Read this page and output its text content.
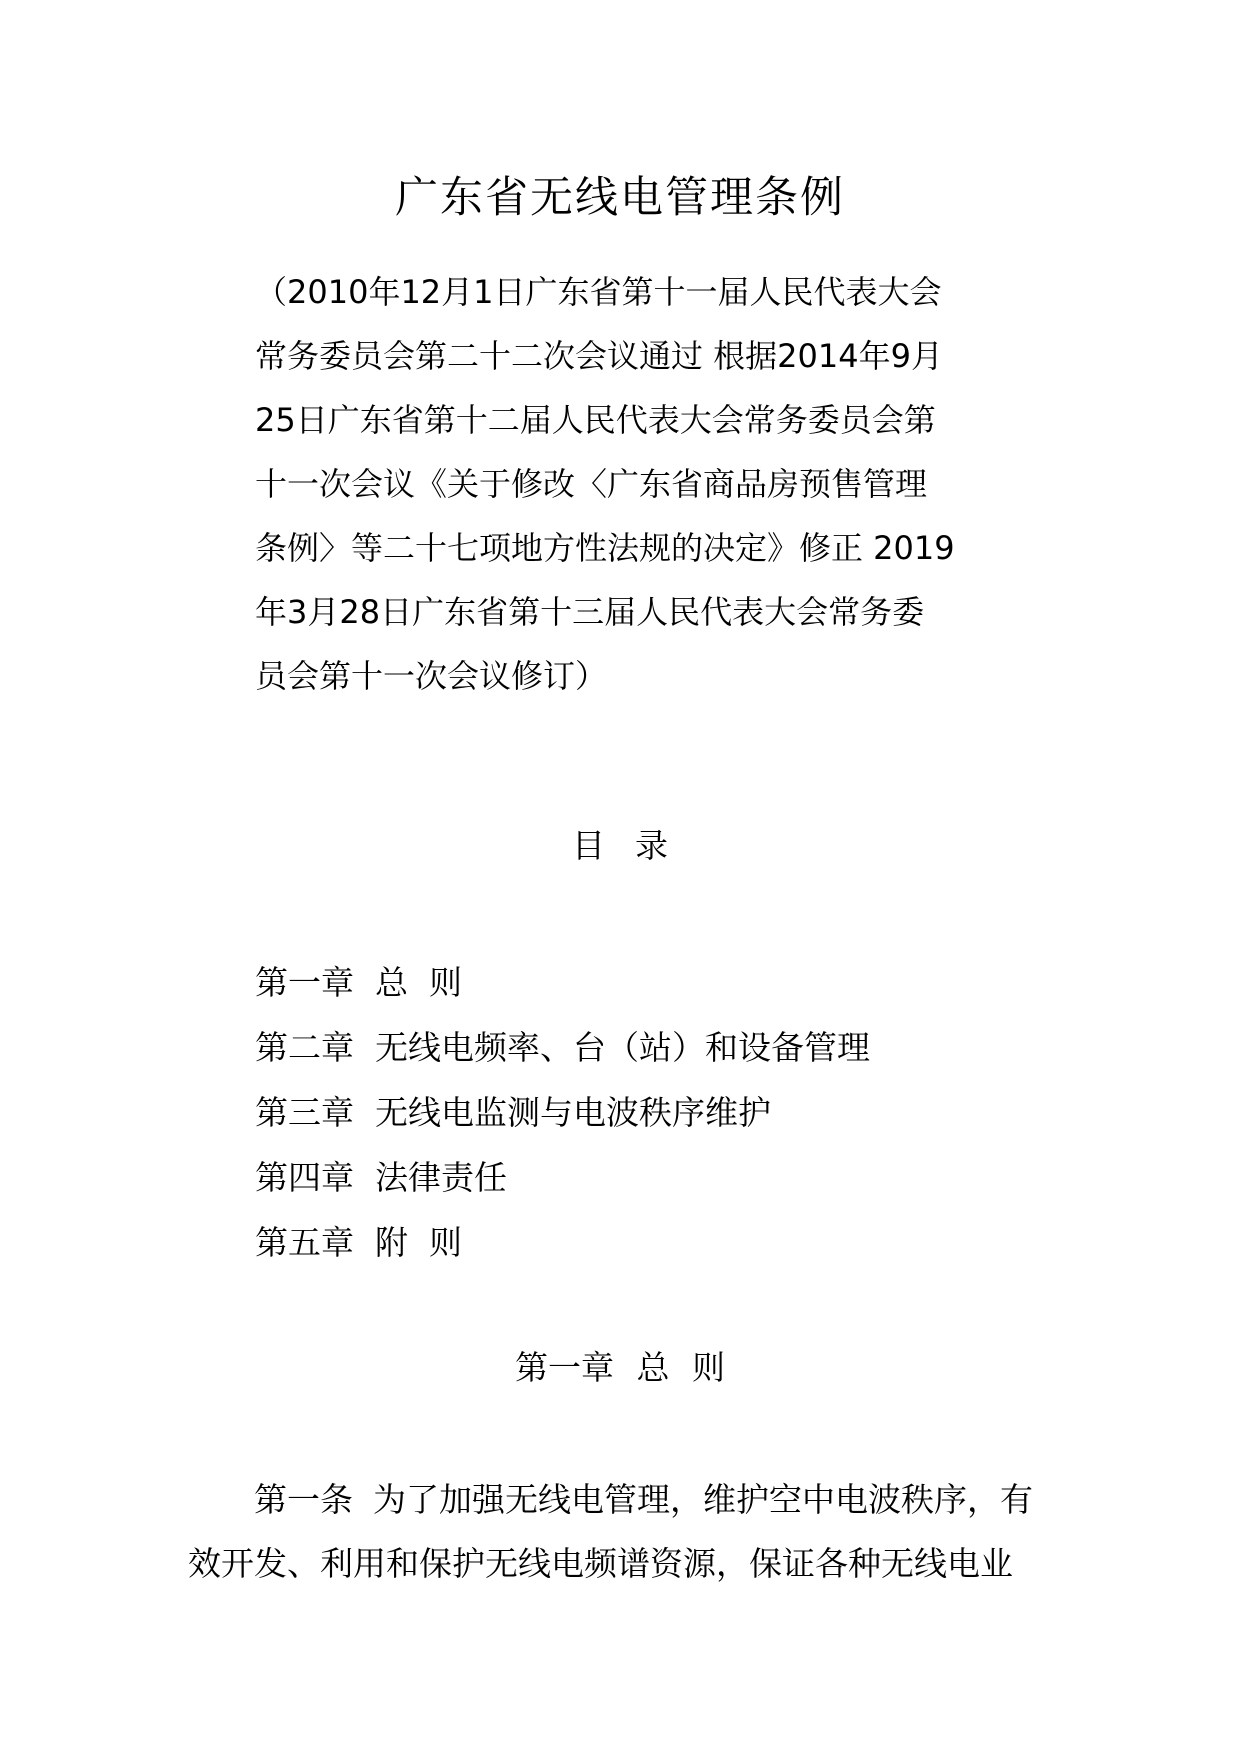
广东省无线电管理条例
（2010年12月1日广东省第十一届人民代表大会
常务委员会第二十二次会议通过 根据2014年9月
25日广东省第十二届人民代表大会常务委员会第
十一次会议《关于修改〈广东省商品房预售管理
条例〉等二十七项地方性法规的决定》修正 2019
年3月28日广东省第十三届人民代表大会常务委
员会第十一次会议修订）
目录
第一章 总  则
第二章 无线电频率、台（站）和设备管理
第三章 无线电监测与电波秩序维护
第四章 法律责任
第五章 附  则
第一章 总 则
第一条 为了加强无线电管理，维护空中电波秩序，有
效开发、利用和保护无线电频谱资源，保证各种无线电业
